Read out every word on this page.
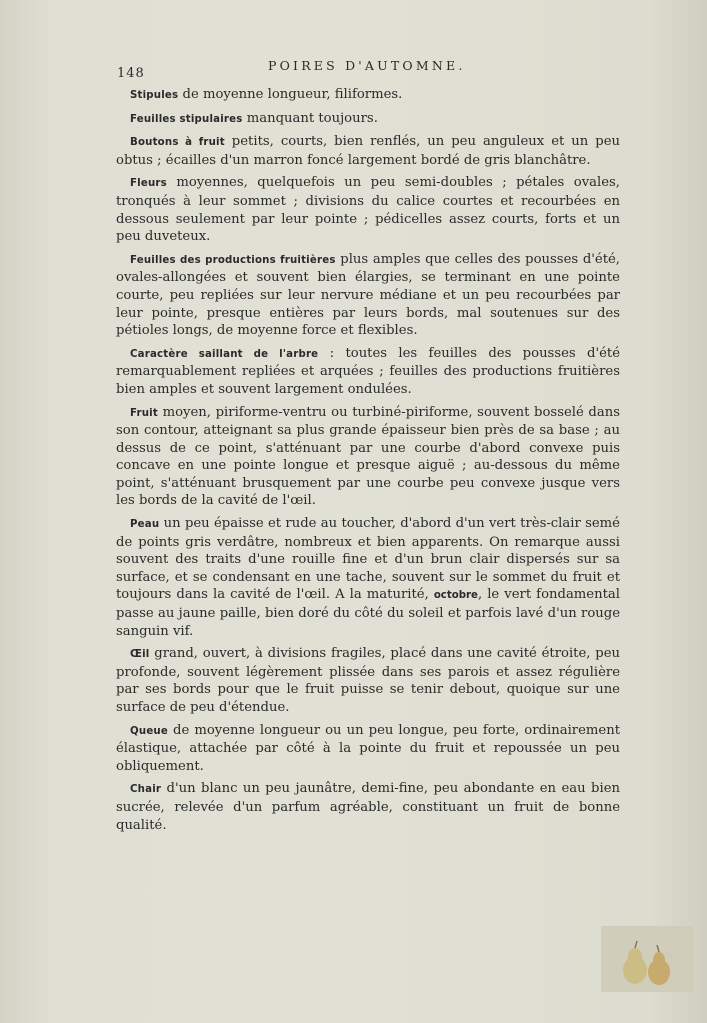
148
POIRES D'AUTOMNE.

Stipules de moyenne longueur, filiformes.

Feuilles stipulaires manquant toujours.

Boutons à fruit petits, courts, bien renflés, un peu anguleux et un peu obtus ; écailles d'un marron foncé largement bordé de gris blanchâtre.

Fleurs moyennes, quelquefois un peu semi-doubles ; pétales ovales, tronqués à leur sommet ; divisions du calice courtes et recourbées en dessous seulement par leur pointe ; pédicelles assez courts, forts et un peu duveteux.

Feuilles des productions fruitières plus amples que celles des pousses d'été, ovales-allongées et souvent bien élargies, se terminant en une pointe courte, peu repliées sur leur nervure médiane et un peu recourbées par leur pointe, presque entières par leurs bords, mal soutenues sur des pétioles longs, de moyenne force et flexibles.

Caractère saillant de l'arbre : toutes les feuilles des pousses d'été remarquablement repliées et arquées ; feuilles des productions fruitières bien amples et souvent largement ondulées.

Fruit moyen, piriforme-ventru ou turbiné-piriforme, souvent bosselé dans son contour, atteignant sa plus grande épaisseur bien près de sa base ; au dessus de ce point, s'atténuant par une courbe d'abord convexe puis concave en une pointe longue et presque aiguë ; au-dessous du même point, s'atténuant brusquement par une courbe peu convexe jusque vers les bords de la cavité de l'œil.

Peau un peu épaisse et rude au toucher, d'abord d'un vert très-clair semé de points gris verdâtre, nombreux et bien apparents. On remarque aussi souvent des traits d'une rouille fine et d'un brun clair dispersés sur sa surface, et se condensant en une tache, souvent sur le sommet du fruit et toujours dans la cavité de l'œil. A la maturité, octobre, le vert fondamental passe au jaune paille, bien doré du côté du soleil et parfois lavé d'un rouge sanguin vif.

Œil grand, ouvert, à divisions fragiles, placé dans une cavité étroite, peu profonde, souvent légèrement plissée dans ses parois et assez régulière par ses bords pour que le fruit puisse se tenir debout, quoique sur une surface de peu d'étendue.

Queue de moyenne longueur ou un peu longue, peu forte, ordinairement élastique, attachée par côté à la pointe du fruit et repoussée un peu obliquement.

Chair d'un blanc un peu jaunâtre, demi-fine, peu abondante en eau bien sucrée, relevée d'un parfum agréable, constituant un fruit de bonne qualité.
